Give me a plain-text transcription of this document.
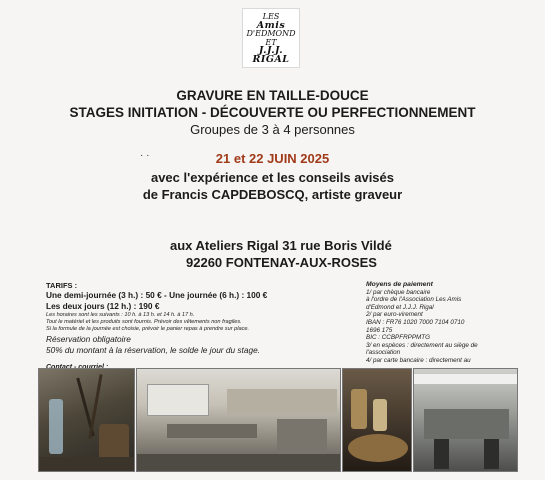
LES
Amis
D'EDMOND
ET
J.J.J. RIGAL
GRAVURE EN TAILLE-DOUCE
STAGES INITIATION - DÉCOUVERTE OU PERFECTIONNEMENT
Groupes de 3 à 4 personnes
· ·	21 et 22 JUIN 2025
avec l'expérience et les conseils avisés
de Francis CAPDEBOSCQ, artiste graveur
aux Ateliers Rigal 31 rue Boris Vildé
92260 FONTENAY-AUX-ROSES
TARIFS :
Une demi-journée (3 h.) : 50 € - Une journée (6 h.) : 100 €
Les deux jours (12 h.) : 190 €
Les horaires sont les suivants : 10 h. à 13 h. et 14 h. à 17 h.
Tout le matériel et les produits sont fournis. Prévoir des vêtements non fragiles.
Si la formule de la journée est choisie, prévoir le panier repas à prendre sur place.
Réservation obligatoire
50% du montant à la réservation, le solde le jour du stage.
Moyens de paiement
1/ par chèque bancaire
à l'ordre de l'Association Les Amis
d'Edmond et J.J.J. Rigal
2/ par euro-virement
IBAN : FR76 1020 7000 7104 0710
1696 175
BIC : CCBPFRPPMTG
3/ en espèces : directement au siège de
l'association
4/ par carte bancaire : directement au
